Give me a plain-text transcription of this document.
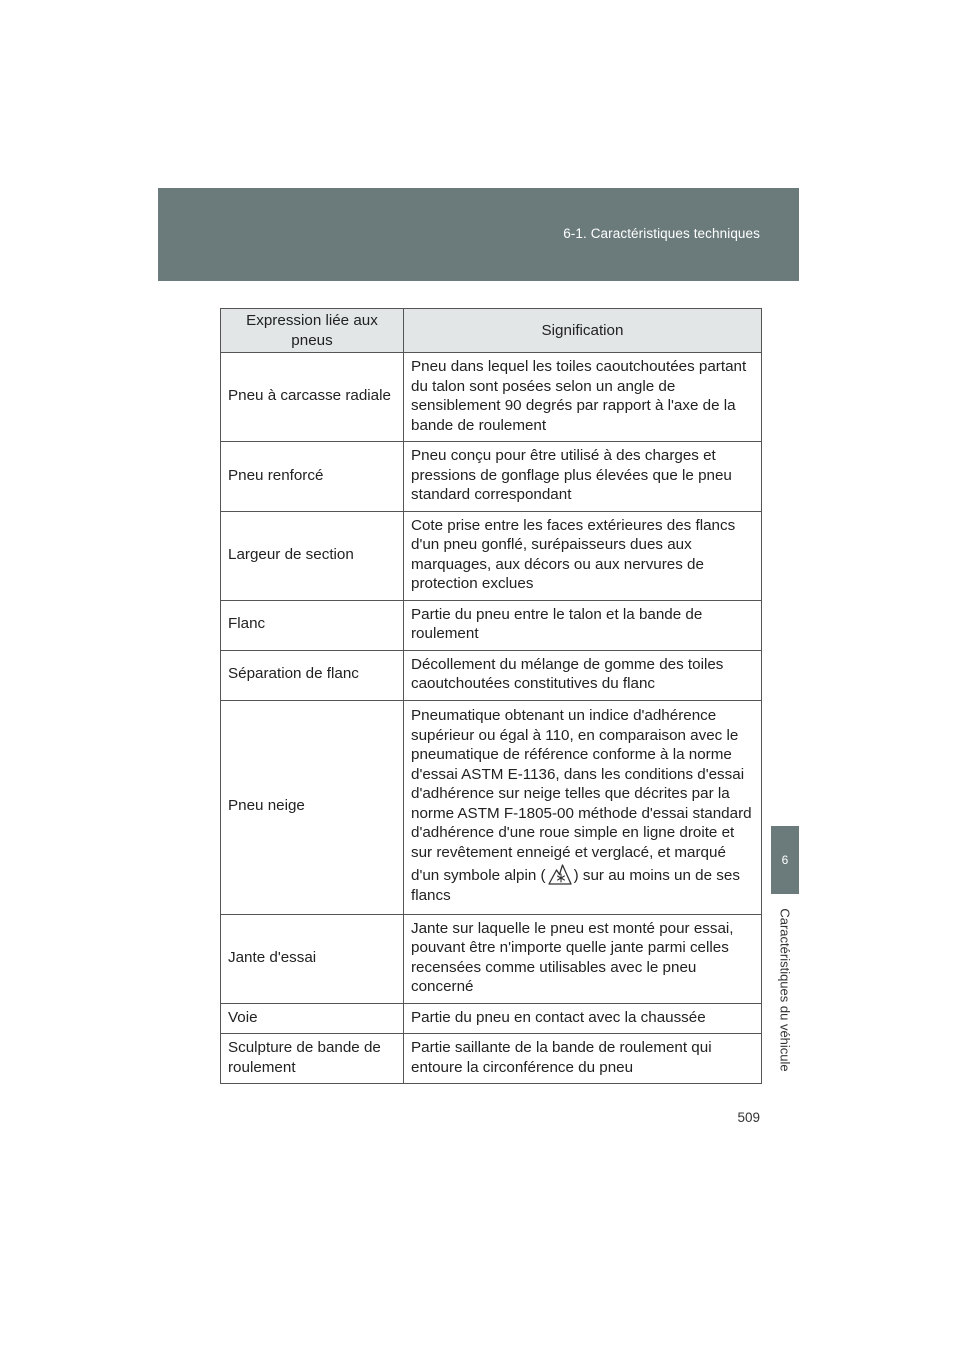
6-1. Caractéristiques techniques
6
Caractéristiques du véhicule
Expression liée aux pneus	Signification
Pneu à carcasse radiale	Pneu dans lequel les toiles caoutchoutées partant du talon sont posées selon un angle de sensiblement 90 degrés par rapport à l'axe de la bande de roulement
Pneu renforcé	Pneu conçu pour être utilisé à des charges et pressions de gonflage plus élevées que le pneu standard correspondant
Largeur de section	Cote prise entre les faces extérieures des flancs d'un pneu gonflé, surépaisseurs dues aux marquages, aux décors ou aux nervures de protection exclues
Flanc	Partie du pneu entre le talon et la bande de roulement
Séparation de flanc	Décollement du mélange de gomme des toiles caoutchoutées constitutives du flanc
Pneu neige	Pneumatique obtenant un indice d'adhérence supérieur ou égal à 110, en comparaison avec le pneumatique de référence conforme à la norme d'essai ASTM E-1136, dans les conditions d'essai d'adhérence sur neige telles que décrites par la norme ASTM F-1805-00 méthode d'essai standard d'adhérence d'une roue simple en ligne droite et sur revêtement enneigé et verglacé, et marqué d'un symbole alpin ( ) sur au moins un de ses flancs
Jante d'essai	Jante sur laquelle le pneu est monté pour essai, pouvant être n'importe quelle jante parmi celles recensées comme utilisables avec le pneu concerné
Voie	Partie du pneu en contact avec la chaussée
Sculpture de bande de roulement	Partie saillante de la bande de roulement qui entoure la circonférence du pneu
509
